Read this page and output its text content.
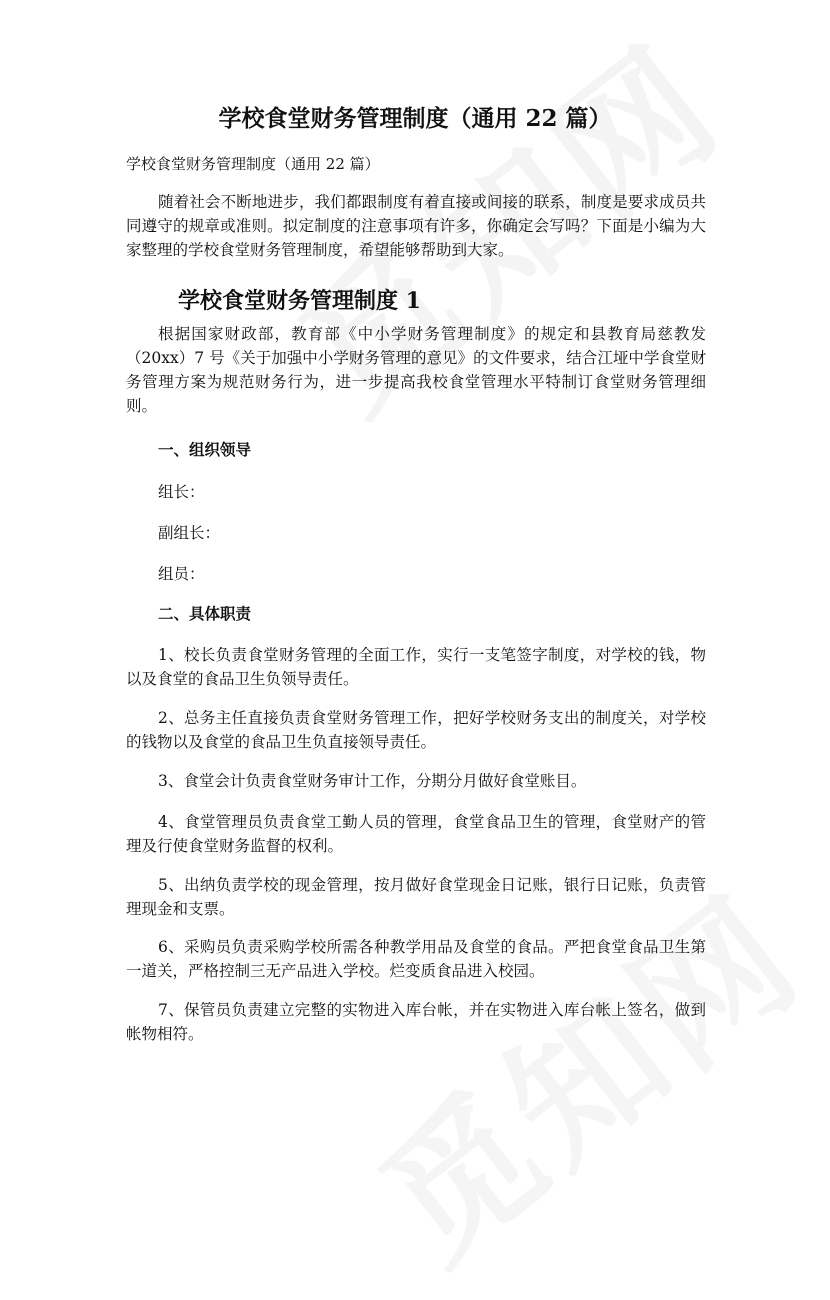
学校食堂财务管理制度（通用 22 篇）

学校食堂财务管理制度（通用 22 篇）

随着社会不断地进步，我们都跟制度有着直接或间接的联系，制度是要求成员共同遵守的规章或准则。拟定制度的注意事项有许多，你确定会写吗？下面是小编为大家整理的学校食堂财务管理制度，希望能够帮助到大家。

学校食堂财务管理制度 1

根据国家财政部，教育部《中小学财务管理制度》的规定和县教育局慈教发（20xx）7 号《关于加强中小学财务管理的意见》的文件要求，结合江垭中学食堂财务管理方案为规范财务行为，进一步提高我校食堂管理水平特制订食堂财务管理细则。

一、组织领导

组长：

副组长：

组员：

二、具体职责

1、校长负责食堂财务管理的全面工作，实行一支笔签字制度，对学校的钱，物以及食堂的食品卫生负领导责任。

2、总务主任直接负责食堂财务管理工作，把好学校财务支出的制度关，对学校的钱物以及食堂的食品卫生负直接领导责任。

3、食堂会计负责食堂财务审计工作，分期分月做好食堂账目。

4、食堂管理员负责食堂工勤人员的管理，食堂食品卫生的管理，食堂财产的管理及行使食堂财务监督的权利。

5、出纳负责学校的现金管理，按月做好食堂现金日记账，银行日记账，负责管理现金和支票。

6、采购员负责采购学校所需各种教学用品及食堂的食品。严把食堂食品卫生第一道关，严格控制三无产品进入学校。烂变质食品进入校园。

7、保管员负责建立完整的实物进入库台帐，并在实物进入库台帐上签名，做到帐物相符。
